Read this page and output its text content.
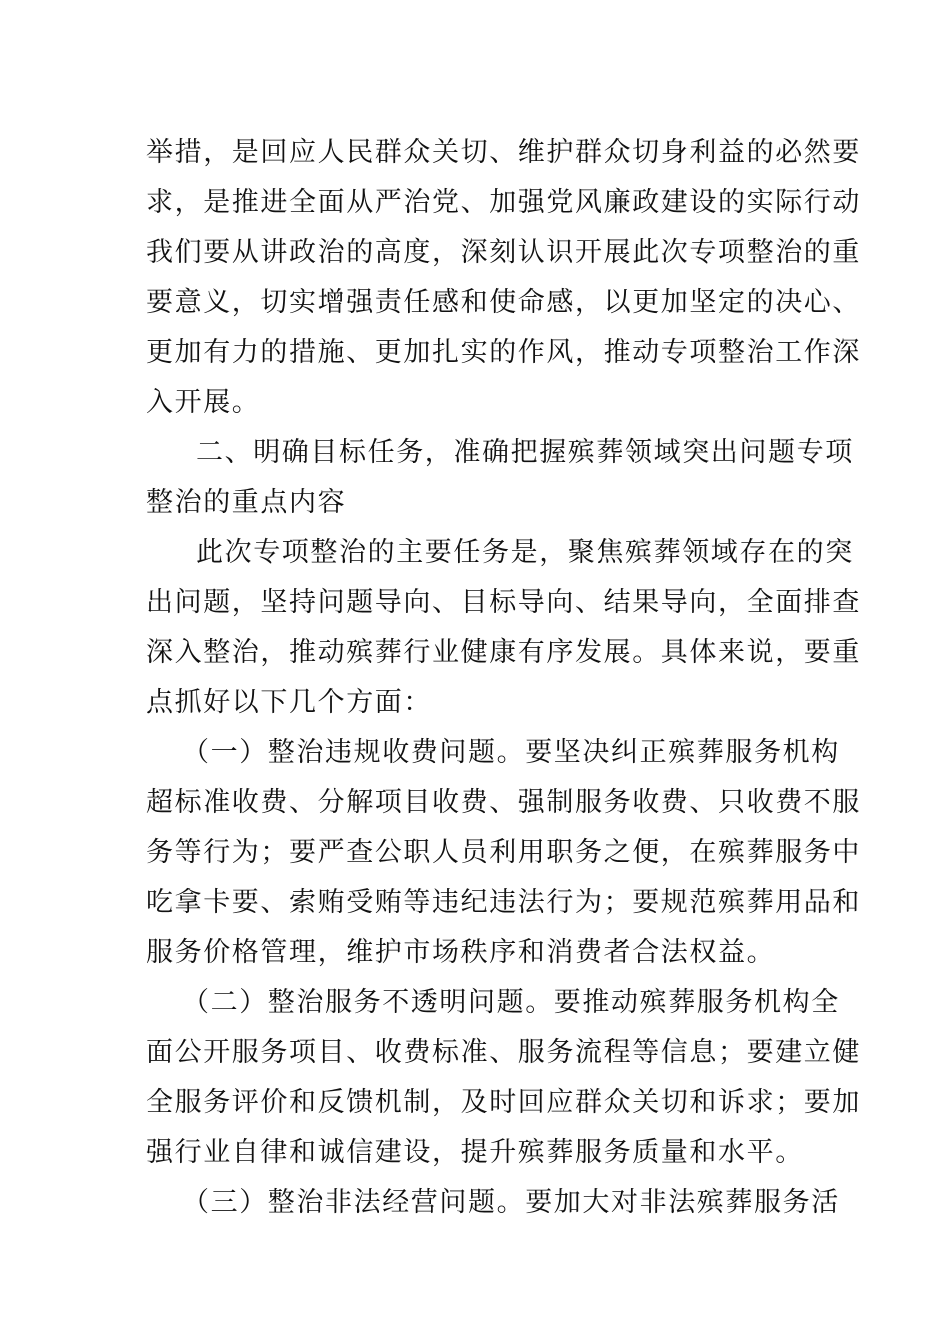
举措，是回应人民群众关切、维护群众切身利益的必然要
求，是推进全面从严治党、加强党风廉政建设的实际行动
我们要从讲政治的高度，深刻认识开展此次专项整治的重
要意义，切实增强责任感和使命感，以更加坚定的决心、
更加有力的措施、更加扎实的作风，推动专项整治工作深
入开展。
二、明确目标任务，准确把握殡葬领域突出问题专项
整治的重点内容
此次专项整治的主要任务是，聚焦殡葬领域存在的突
出问题，坚持问题导向、目标导向、结果导向，全面排查
深入整治，推动殡葬行业健康有序发展。具体来说，要重
点抓好以下几个方面：
（一）整治违规收费问题。要坚决纠正殡葬服务机构
超标准收费、分解项目收费、强制服务收费、只收费不服
务等行为；要严查公职人员利用职务之便，在殡葬服务中
吃拿卡要、索贿受贿等违纪违法行为；要规范殡葬用品和
服务价格管理，维护市场秩序和消费者合法权益。
（二）整治服务不透明问题。要推动殡葬服务机构全
面公开服务项目、收费标准、服务流程等信息；要建立健
全服务评价和反馈机制，及时回应群众关切和诉求；要加
强行业自律和诚信建设，提升殡葬服务质量和水平。
（三）整治非法经营问题。要加大对非法殡葬服务活
